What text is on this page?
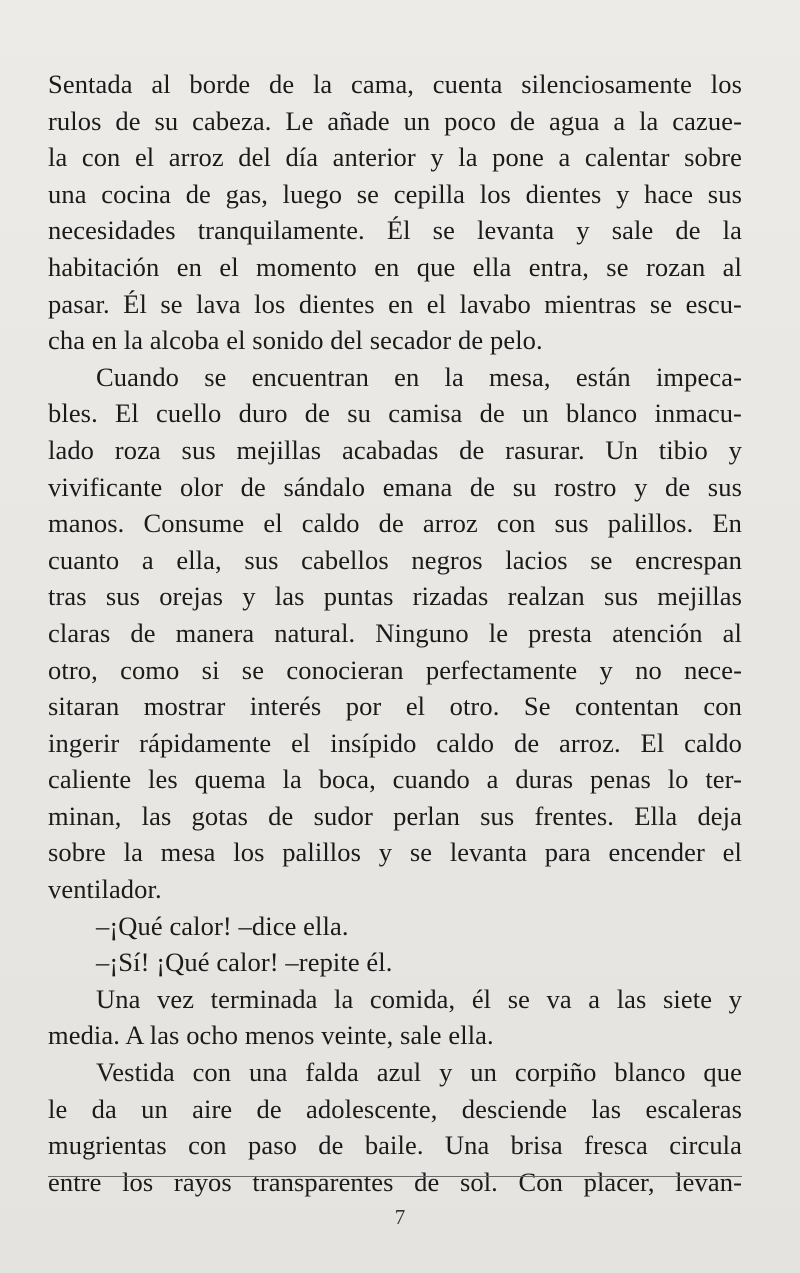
Sentada al borde de la cama, cuenta silenciosamente los
rulos de su cabeza. Le añade un poco de agua a la cazue-
la con el arroz del día anterior y la pone a calentar sobre
una cocina de gas, luego se cepilla los dientes y hace sus
necesidades tranquilamente. Él se levanta y sale de la
habitación en el momento en que ella entra, se rozan al
pasar. Él se lava los dientes en el lavabo mientras se escu-
cha en la alcoba el sonido del secador de pelo.
Cuando se encuentran en la mesa, están impeca-
bles. El cuello duro de su camisa de un blanco inmacu-
lado roza sus mejillas acabadas de rasurar. Un tibio y
vivificante olor de sándalo emana de su rostro y de sus
manos. Consume el caldo de arroz con sus palillos. En
cuanto a ella, sus cabellos negros lacios se encrespan
tras sus orejas y las puntas rizadas realzan sus mejillas
claras de manera natural. Ninguno le presta atención al
otro, como si se conocieran perfectamente y no nece-
sitaran mostrar interés por el otro. Se contentan con
ingerir rápidamente el insípido caldo de arroz. El caldo
caliente les quema la boca, cuando a duras penas lo ter-
minan, las gotas de sudor perlan sus frentes. Ella deja
sobre la mesa los palillos y se levanta para encender el
ventilador.
–¡Qué calor! –dice ella.
–¡Sí! ¡Qué calor! –repite él.
Una vez terminada la comida, él se va a las siete y
media. A las ocho menos veinte, sale ella.
Vestida con una falda azul y un corpiño blanco que
le da un aire de adolescente, desciende las escaleras
mugrientas con paso de baile. Una brisa fresca circula
entre los rayos transparentes de sol. Con placer, levan-
7
